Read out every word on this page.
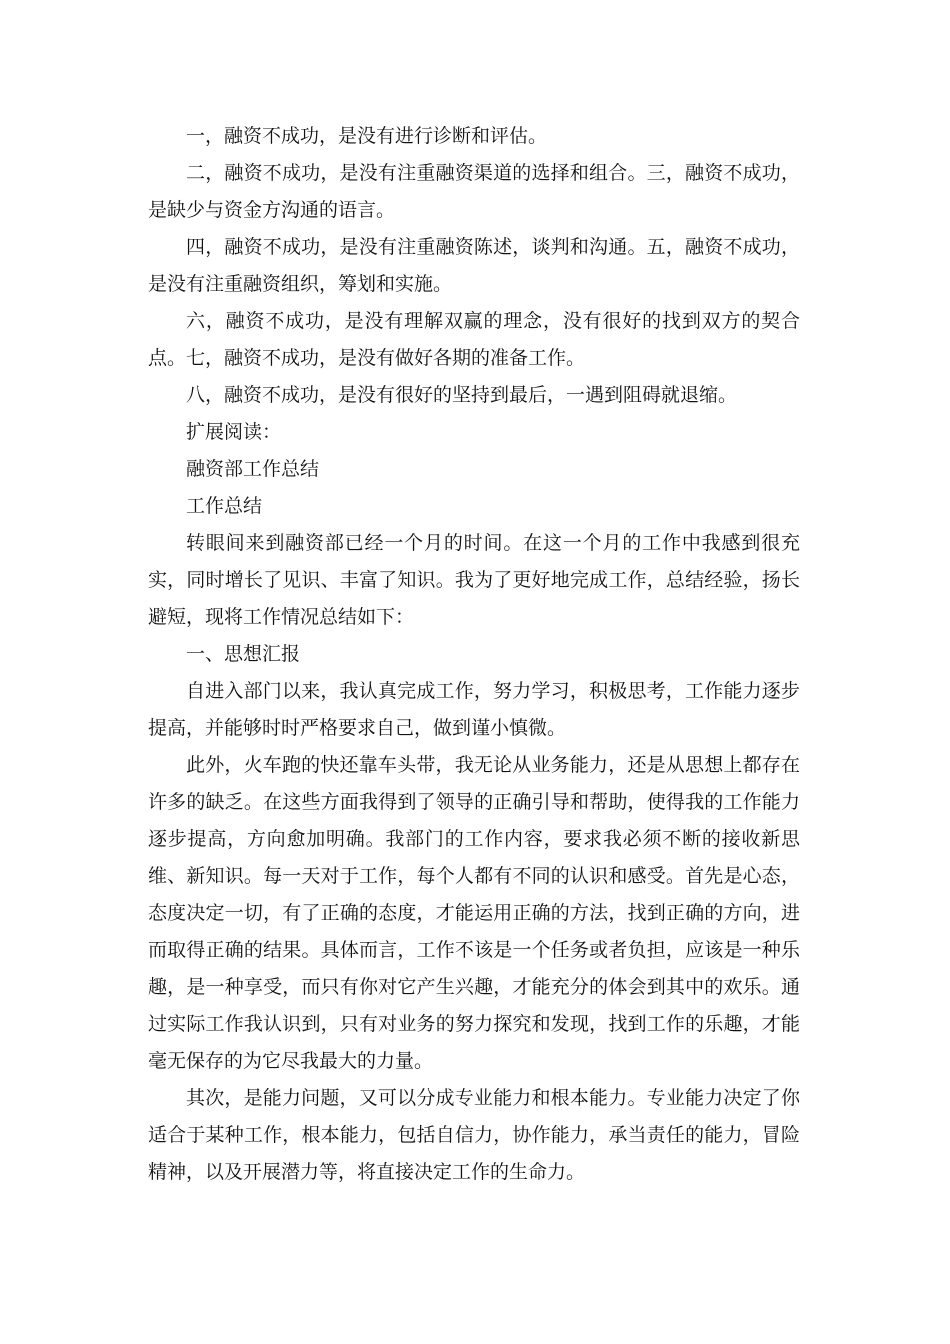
一，融资不成功，是没有进行诊断和评估。

二，融资不成功，是没有注重融资渠道的选择和组合。三，融资不成功，是缺少与资金方沟通的语言。

四，融资不成功，是没有注重融资陈述，谈判和沟通。五，融资不成功，是没有注重融资组织，筹划和实施。

六，融资不成功，是没有理解双赢的理念，没有很好的找到双方的契合点。七，融资不成功，是没有做好各期的准备工作。

八，融资不成功，是没有很好的坚持到最后，一遇到阻碍就退缩。

扩展阅读：

融资部工作总结

工作总结

转眼间来到融资部已经一个月的时间。在这一个月的工作中我感到很充实，同时增长了见识、丰富了知识。我为了更好地完成工作，总结经验，扬长避短，现将工作情况总结如下：

一、思想汇报

自进入部门以来，我认真完成工作，努力学习，积极思考，工作能力逐步提高，并能够时时严格要求自己，做到谨小慎微。

此外，火车跑的快还靠车头带，我无论从业务能力，还是从思想上都存在许多的缺乏。在这些方面我得到了领导的正确引导和帮助，使得我的工作能力逐步提高，方向愈加明确。我部门的工作内容，要求我必须不断的接收新思维、新知识。每一天对于工作，每个人都有不同的认识和感受。首先是心态，态度决定一切，有了正确的态度，才能运用正确的方法，找到正确的方向，进而取得正确的结果。具体而言，工作不该是一个任务或者负担，应该是一种乐趣，是一种享受，而只有你对它产生兴趣，才能充分的体会到其中的欢乐。通过实际工作我认识到，只有对业务的努力探究和发现，找到工作的乐趣，才能毫无保存的为它尽我最大的力量。

其次，是能力问题，又可以分成专业能力和根本能力。专业能力决定了你适合于某种工作，根本能力，包括自信力，协作能力，承当责任的能力，冒险精神，以及开展潜力等，将直接决定工作的生命力。
